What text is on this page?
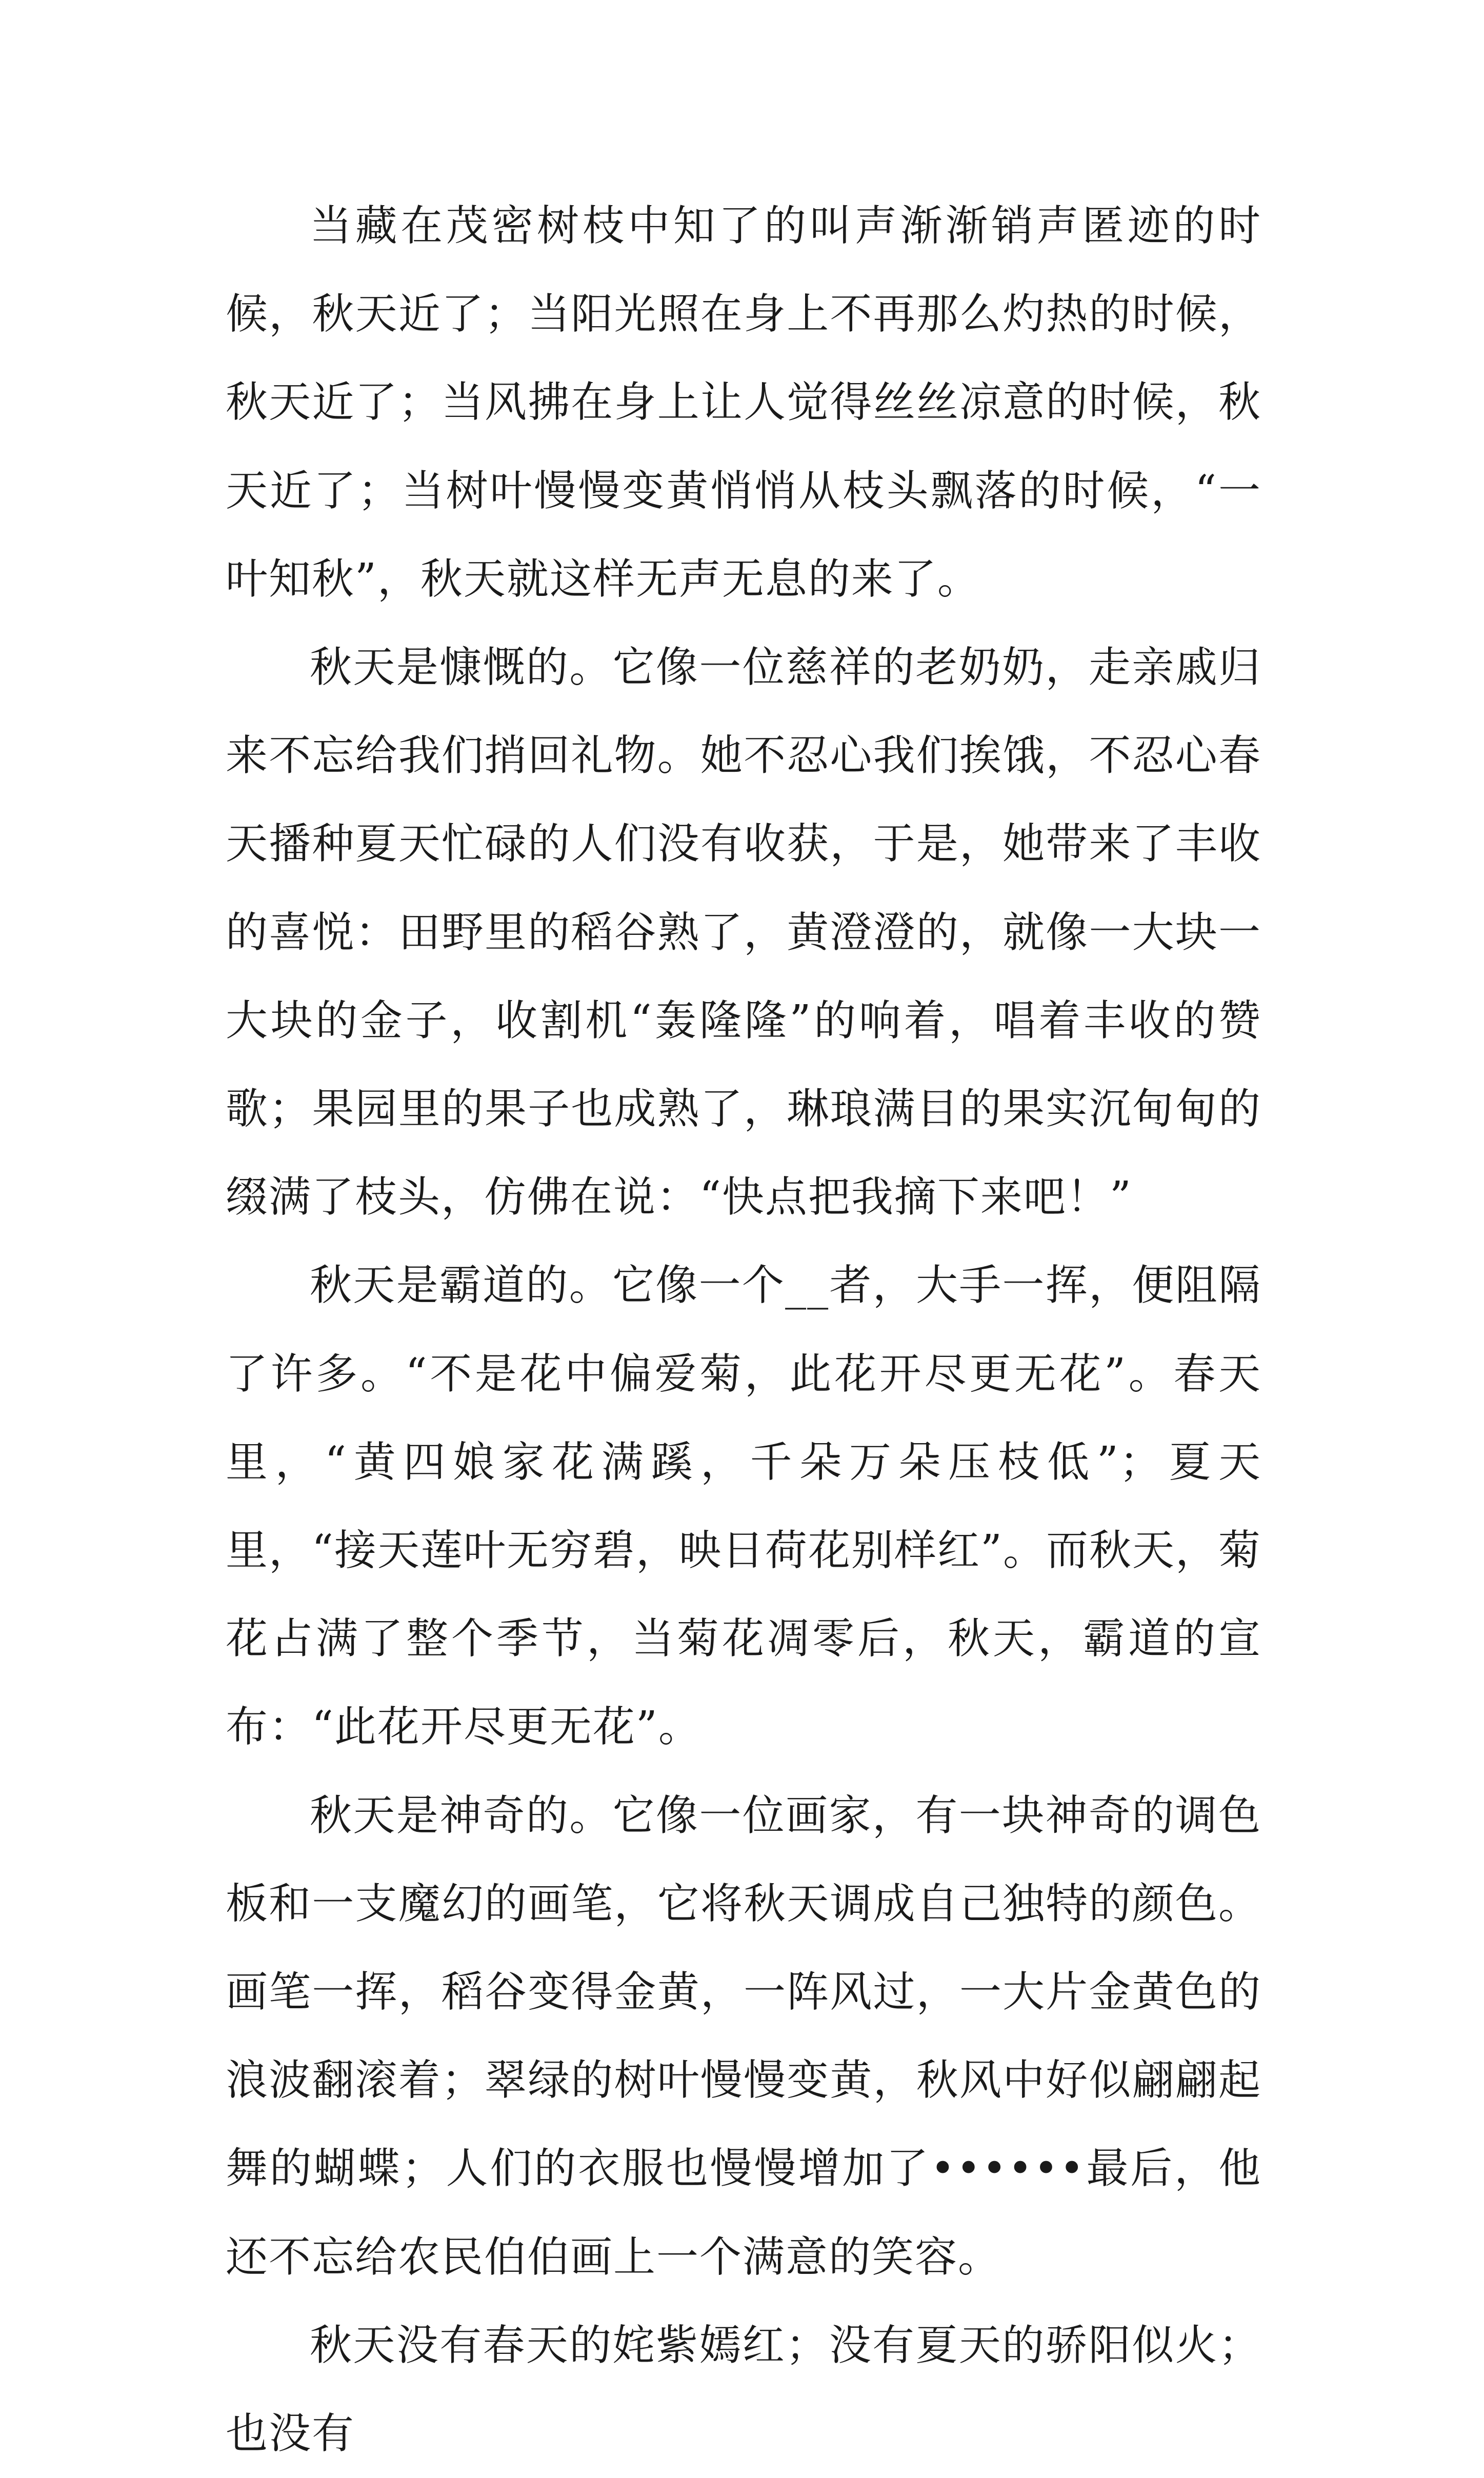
当藏在茂密树枝中知了的叫声渐渐销声匿迹的时候，秋天近了；当阳光照在身上不再那么灼热的时候，秋天近了；当风拂在身上让人觉得丝丝凉意的时候，秋天近了；当树叶慢慢变黄悄悄从枝头飘落的时候，“一叶知秋”，秋天就这样无声无息的来了。

秋天是慷慨的。它像一位慈祥的老奶奶，走亲戚归来不忘给我们捎回礼物。她不忍心我们挨饿，不忍心春天播种夏天忙碌的人们没有收获，于是，她带来了丰收的喜悦：田野里的稻谷熟了，黄澄澄的，就像一大块一大块的金子，收割机“轰隆隆”的响着，唱着丰收的赞歌；果园里的果子也成熟了，琳琅满目的果实沉甸甸的缀满了枝头，仿佛在说：“快点把我摘下来吧！”

秋天是霸道的。它像一个__者，大手一挥，便阻隔了许多。“不是花中偏爱菊，此花开尽更无花”。春天里，“黄四娘家花满蹊，千朵万朵压枝低”；夏天里，“接天莲叶无穷碧，映日荷花别样红”。而秋天，菊花占满了整个季节，当菊花凋零后，秋天，霸道的宣布：“此花开尽更无花”。

秋天是神奇的。它像一位画家，有一块神奇的调色板和一支魔幻的画笔，它将秋天调成自己独特的颜色。画笔一挥，稻谷变得金黄，一阵风过，一大片金黄色的浪波翻滚着；翠绿的树叶慢慢变黄，秋风中好似翩翩起舞的蝴蝶；人们的衣服也慢慢增加了••••••最后，他还不忘给农民伯伯画上一个满意的笑容。

秋天没有春天的姹紫嫣红；没有夏天的骄阳似火；也没有
